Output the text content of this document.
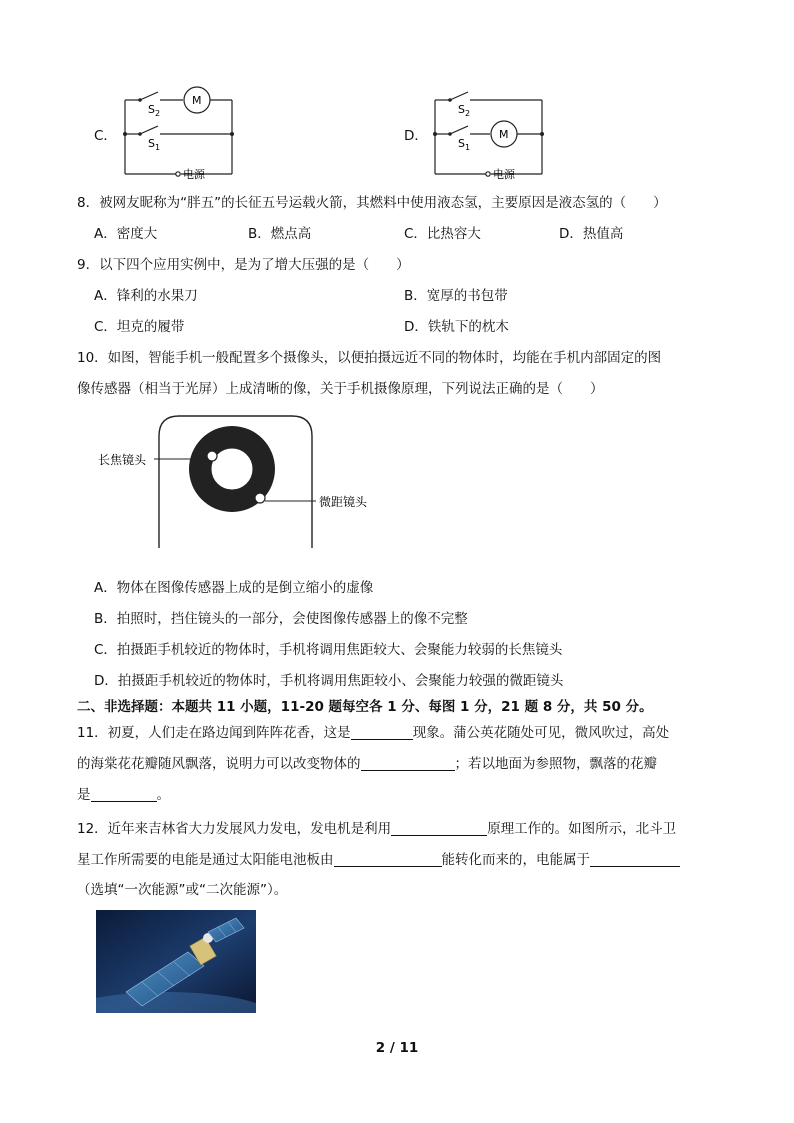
C．
$S_2$
$S_1$
M
电源
D．
$S_2$
$S_1$
M
电源
8．被网友昵称为“胖五”的长征五号运载火箭，其燃料中使用液态氢，主要原因是液态氢的（　　）
A．密度大	B．燃点高	C．比热容大	D．热值高
9．以下四个应用实例中，是为了增大压强的是（　　）
A．锋利的水果刀	B．宽厚的书包带
C．坦克的履带	D．铁轨下的枕木
10．如图，智能手机一般配置多个摄像头，以便拍摄远近不同的物体时，均能在手机内部固定的图
像传感器（相当于光屏）上成清晰的像，关于手机摄像原理，下列说法正确的是（　　）
长焦镜头
微距镜头
A．物体在图像传感器上成的是倒立缩小的虚像
B．拍照时，挡住镜头的一部分，会使图像传感器上的像不完整
C．拍摄距手机较近的物体时，手机将调用焦距较大、会聚能力较弱的长焦镜头
D．拍摄距手机较近的物体时，手机将调用焦距较小、会聚能力较强的微距镜头
二、非选择题：本题共 11 小题，11-20 题每空各 1 分、每图 1 分，21 题 8 分，共 50 分。
11．初夏，人们走在路边闻到阵阵花香，这是	现象。蒲公英花随处可见，微风吹过，高处
的海棠花花瓣随风飘落，说明力可以改变物体的	；若以地面为参照物，飘落的花瓣
是	。
12．近年来吉林省大力发展风力发电，发电机是利用	原理工作的。如图所示，北斗卫
星工作所需要的电能是通过太阳能电池板由	能转化而来的，电能属于
（选填“一次能源”或“二次能源”）。
2 / 11
